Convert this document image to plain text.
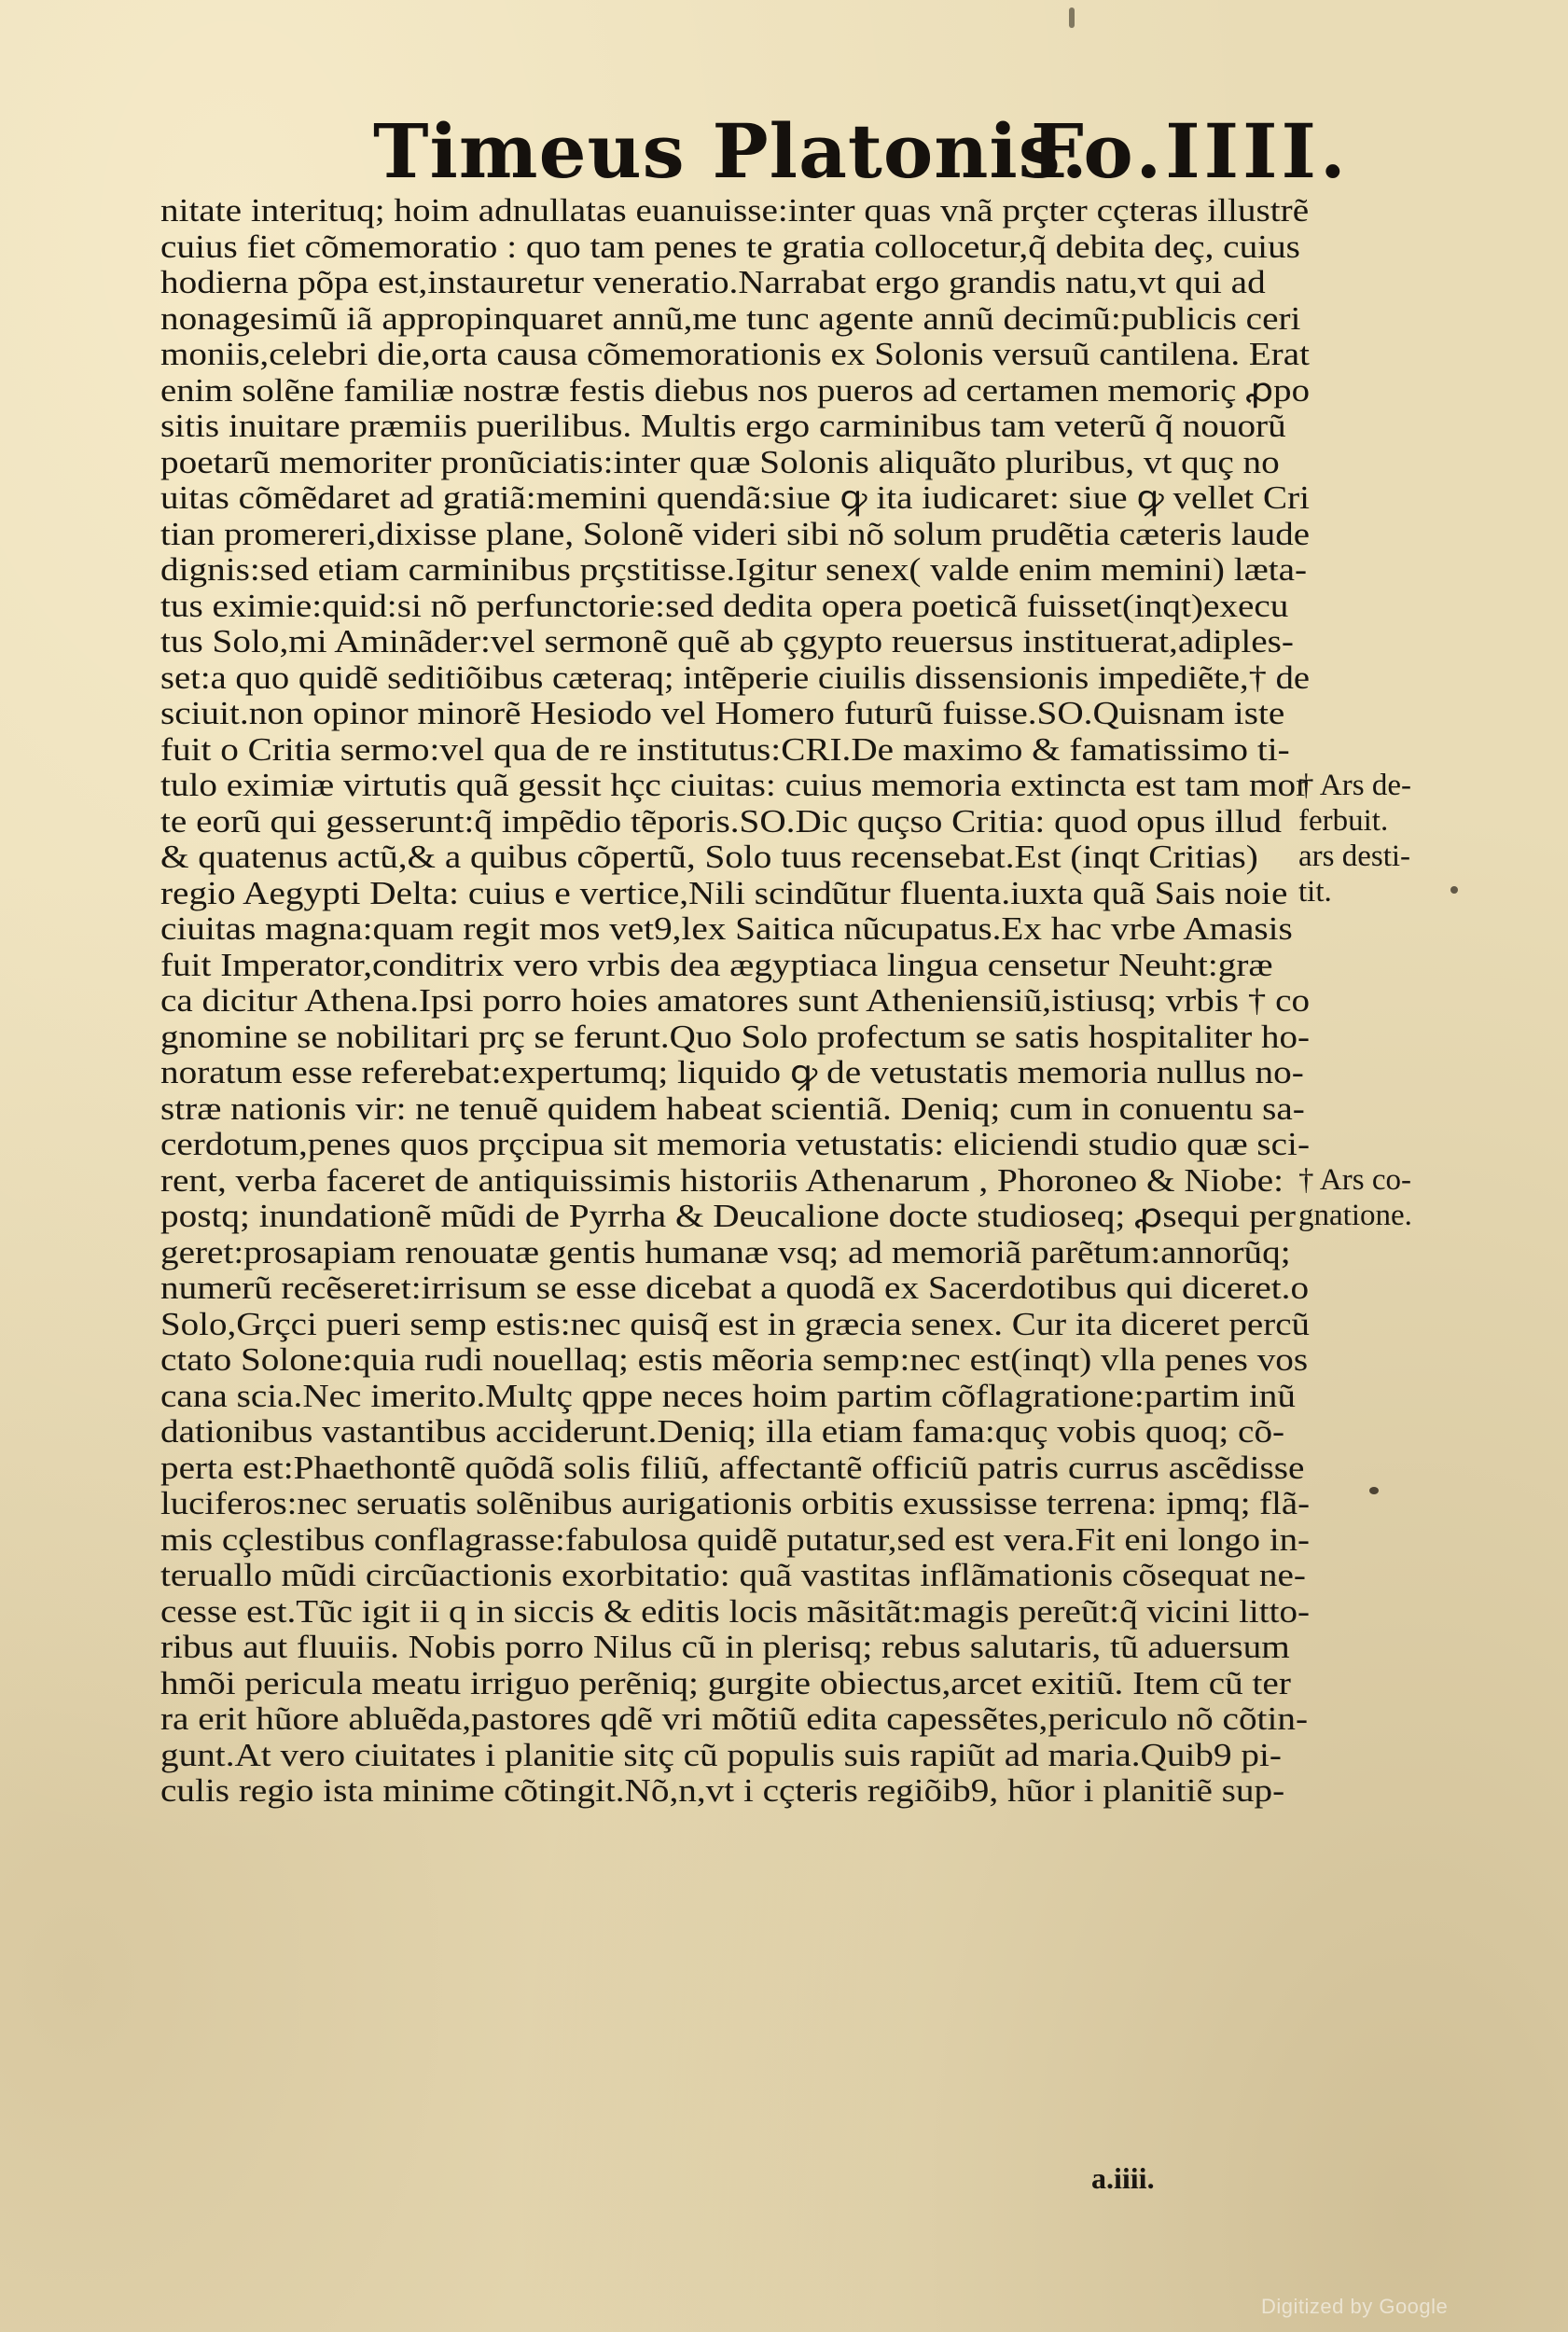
Timeus Platonis.
Fo.IIII.
nitate interituq; hoim adnullatas euanuisse:inter quas vnã prçter cçteras illustrẽ
cuius fiet cõmemoratio : quo tam penes te gratia collocetur,q̃ debita deç, cuius
hodierna põpa est,instauretur veneratio.Narrabat ergo grandis natu,vt qui ad
nonagesimũ iã appropinquaret annũ,me tunc agente annũ decimũ:publicis ceri
moniis,celebri die,orta causa cõmemorationis ex Solonis versuũ cantilena. Erat
enim solẽne familiæ nostræ festis diebus nos pueros ad certamen memoriç ꝓpo
sitis inuitare præmiis puerilibus. Multis ergo carminibus tam veterũ q̃ nouorũ
poetarũ memoriter pronũciatis:inter quæ Solonis aliquãto pluribus, vt quç no
uitas cõmẽdaret ad gratiã:memini quendã:siue ꝙ ita iudicaret: siue ꝙ vellet Cri
tian promereri,dixisse plane, Solonẽ videri sibi nõ solum prudẽtia cæteris laude
dignis:sed etiam carminibus prçstitisse.Igitur senex( valde enim memini) læta-
tus eximie:quid:si nõ perfunctorie:sed dedita opera poeticã fuisset(inqt)execu
tus Solo,mi Aminãder:vel sermonẽ quẽ ab çgypto reuersus instituerat,adiples-
set:a quo quidẽ seditiõibus cæteraq; intẽperie ciuilis dissensionis impediẽte,† de
sciuit.non opinor minorẽ Hesiodo vel Homero futurũ fuisse.SO.Quisnam iste
fuit o Critia sermo:vel qua de re institutus:CRI.De maximo & famatissimo ti-
tulo eximiæ virtutis quã gessit hçc ciuitas: cuius memoria extincta est tam mor
te eorũ qui gesserunt:q̃ impẽdio tẽporis.SO.Dic quçso Critia: quod opus illud
& quatenus actũ,& a quibus cõpertũ, Solo tuus recensebat.Est (inqt Critias)
regio Aegypti Delta: cuius e vertice,Nili scindũtur fluenta.iuxta quã Sais noie
ciuitas magna:quam regit mos vet9,lex Saitica nũcupatus.Ex hac vrbe Amasis
fuit Imperator,conditrix vero vrbis dea ægyptiaca lingua censetur Neuht:græ
ca dicitur Athena.Ipsi porro hoies amatores sunt Atheniensiũ,istiusq; vrbis † co
gnomine se nobilitari prç se ferunt.Quo Solo profectum se satis hospitaliter ho-
noratum esse referebat:expertumq; liquido ꝙ de vetustatis memoria nullus no-
stræ nationis vir: ne tenuẽ quidem habeat scientiã. Deniq; cum in conuentu sa-
cerdotum,penes quos prçcipua sit memoria vetustatis: eliciendi studio quæ sci-
rent, verba faceret de antiquissimis historiis Athenarum , Phoroneo & Niobe:
postq; inundationẽ mũdi de Pyrrha & Deucalione docte studioseq; ꝓsequi per
geret:prosapiam renouatæ gentis humanæ vsq; ad memoriã parẽtum:annorũq;
numerũ recẽseret:irrisum se esse dicebat a quodã ex Sacerdotibus qui diceret.o
Solo,Grçci pueri semp estis:nec quisq̃ est in græcia senex. Cur ita diceret percũ
ctato Solone:quia rudi nouellaq; estis mẽoria semp:nec est(inqt) vlla penes vos
cana scia.Nec imerito.Multç qppe neces hoim partim cõflagratione:partim inũ
dationibus vastantibus acciderunt.Deniq; illa etiam fama:quç vobis quoq; cõ-
perta est:Phaethontẽ quõdã solis filiũ, affectantẽ officiũ patris currus ascẽdisse
luciferos:nec seruatis solẽnibus aurigationis orbitis exussisse terrena: ipmq; flã-
mis cçlestibus conflagrasse:fabulosa quidẽ putatur,sed est vera.Fit eni longo in-
teruallo mũdi circũactionis exorbitatio: quã vastitas inflãmationis cõsequat ne-
cesse est.Tũc igit ii q in siccis & editis locis mãsitãt:magis pereũt:q̃ vicini litto-
ribus aut fluuiis. Nobis porro Nilus cũ in plerisq; rebus salutaris, tũ aduersum
hmõi pericula meatu irriguo perẽniq; gurgite obiectus,arcet exitiũ. Item cũ ter
ra erit hũore abluẽda,pastores qdẽ vri mõtiũ edita capessẽtes,periculo nõ cõtin-
gunt.At vero ciuitates i planitie sitç cũ populis suis rapiũt ad maria.Quib9 pi-
culis regio ista minime cõtingit.Nõ,n,vt i cçteris regiõib9, hũor i planitiẽ sup-
† Ars de-
ferbuit.
ars desti-
tit.
† Ars co-
gnatione.
a.iiii.
Digitized by Google
